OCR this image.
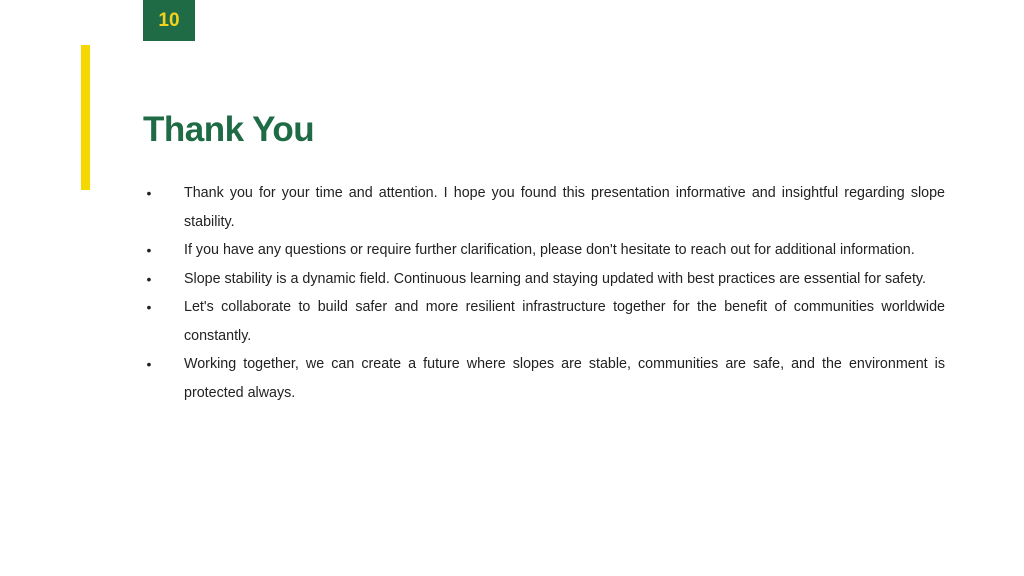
10
Thank You
• Thank you for your time and attention. I hope you found this presentation informative and insightful regarding slope stability.
• If you have any questions or require further clarification, please don't hesitate to reach out for additional information.
• Slope stability is a dynamic field. Continuous learning and staying updated with best practices are essential for safety.
• Let's collaborate to build safer and more resilient infrastructure together for the benefit of communities worldwide constantly.
• Working together, we can create a future where slopes are stable, communities are safe, and the environment is protected always.
